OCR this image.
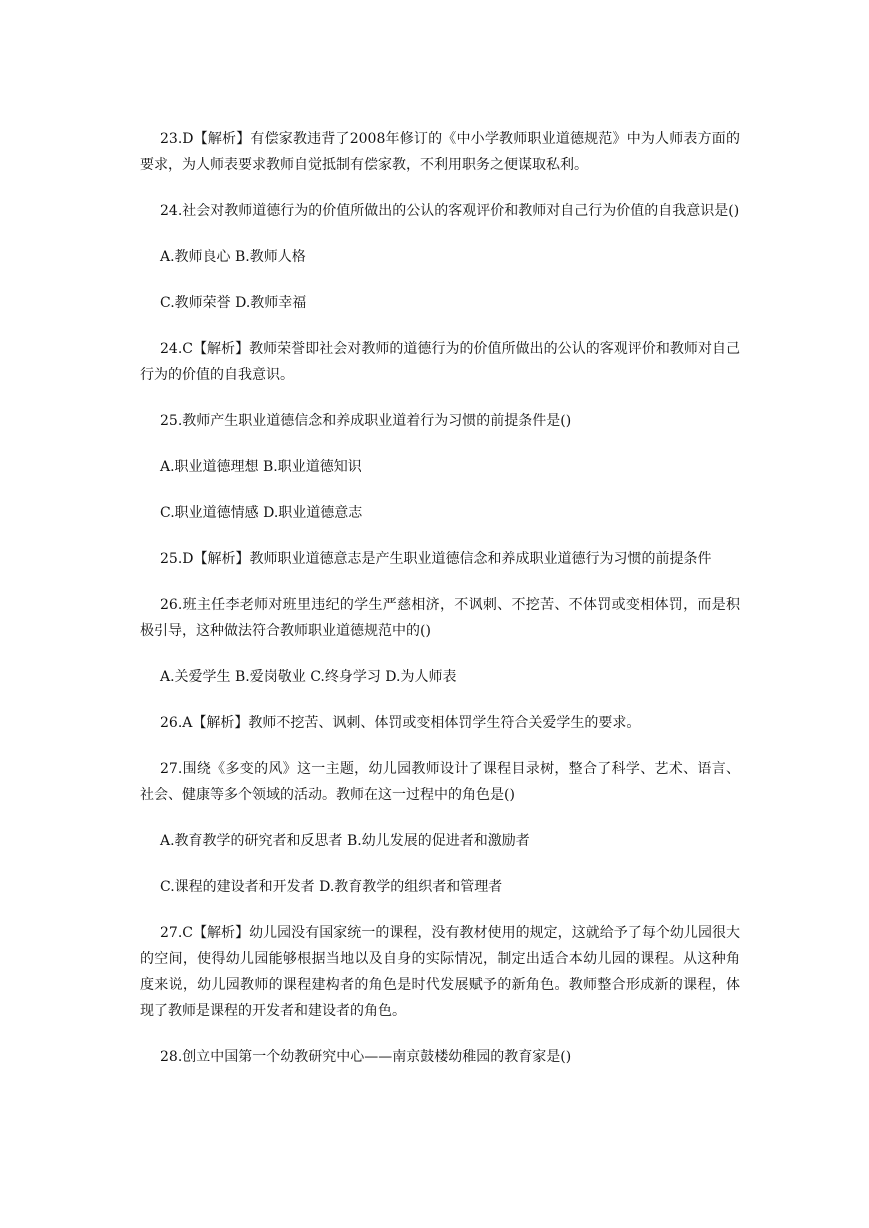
23.D【解析】有偿家教违背了2008年修订的《中小学教师职业道德规范》中为人师表方面的要求，为人师表要求教师自觉抵制有偿家教，不利用职务之便谋取私利。

24.社会对教师道德行为的价值所做出的公认的客观评价和教师对自己行为价值的自我意识是()

A.教师良心 B.教师人格

C.教师荣誉 D.教师幸福

24.C【解析】教师荣誉即社会对教师的道德行为的价值所做出的公认的客观评价和教师对自己行为的价值的自我意识。

25.教师产生职业道德信念和养成职业道着行为习惯的前提条件是()

A.职业道德理想 B.职业道德知识

C.职业道德情感 D.职业道德意志

25.D【解析】教师职业道德意志是产生职业道德信念和养成职业道德行为习惯的前提条件

26.班主任李老师对班里违纪的学生严慈相济，不讽刺、不挖苦、不体罚或变相体罚，而是积极引导，这种做法符合教师职业道德规范中的()

A.关爱学生 B.爱岗敬业 C.终身学习 D.为人师表

26.A【解析】教师不挖苦、讽刺、体罚或变相体罚学生符合关爱学生的要求。

27.围绕《多变的风》这一主题，幼儿园教师设计了课程目录树，整合了科学、艺术、语言、社会、健康等多个领域的活动。教师在这一过程中的角色是()

A.教育教学的研究者和反思者 B.幼儿发展的促进者和激励者

C.课程的建设者和开发者 D.教育教学的组织者和管理者

27.C【解析】幼儿园没有国家统一的课程，没有教材使用的规定，这就给予了每个幼儿园很大的空间，使得幼儿园能够根据当地以及自身的实际情况，制定出适合本幼儿园的课程。从这种角度来说，幼儿园教师的课程建构者的角色是时代发展赋予的新角色。教师整合形成新的课程，体现了教师是课程的开发者和建设者的角色。

28.创立中国第一个幼教研究中心——南京鼓楼幼稚园的教育家是()
